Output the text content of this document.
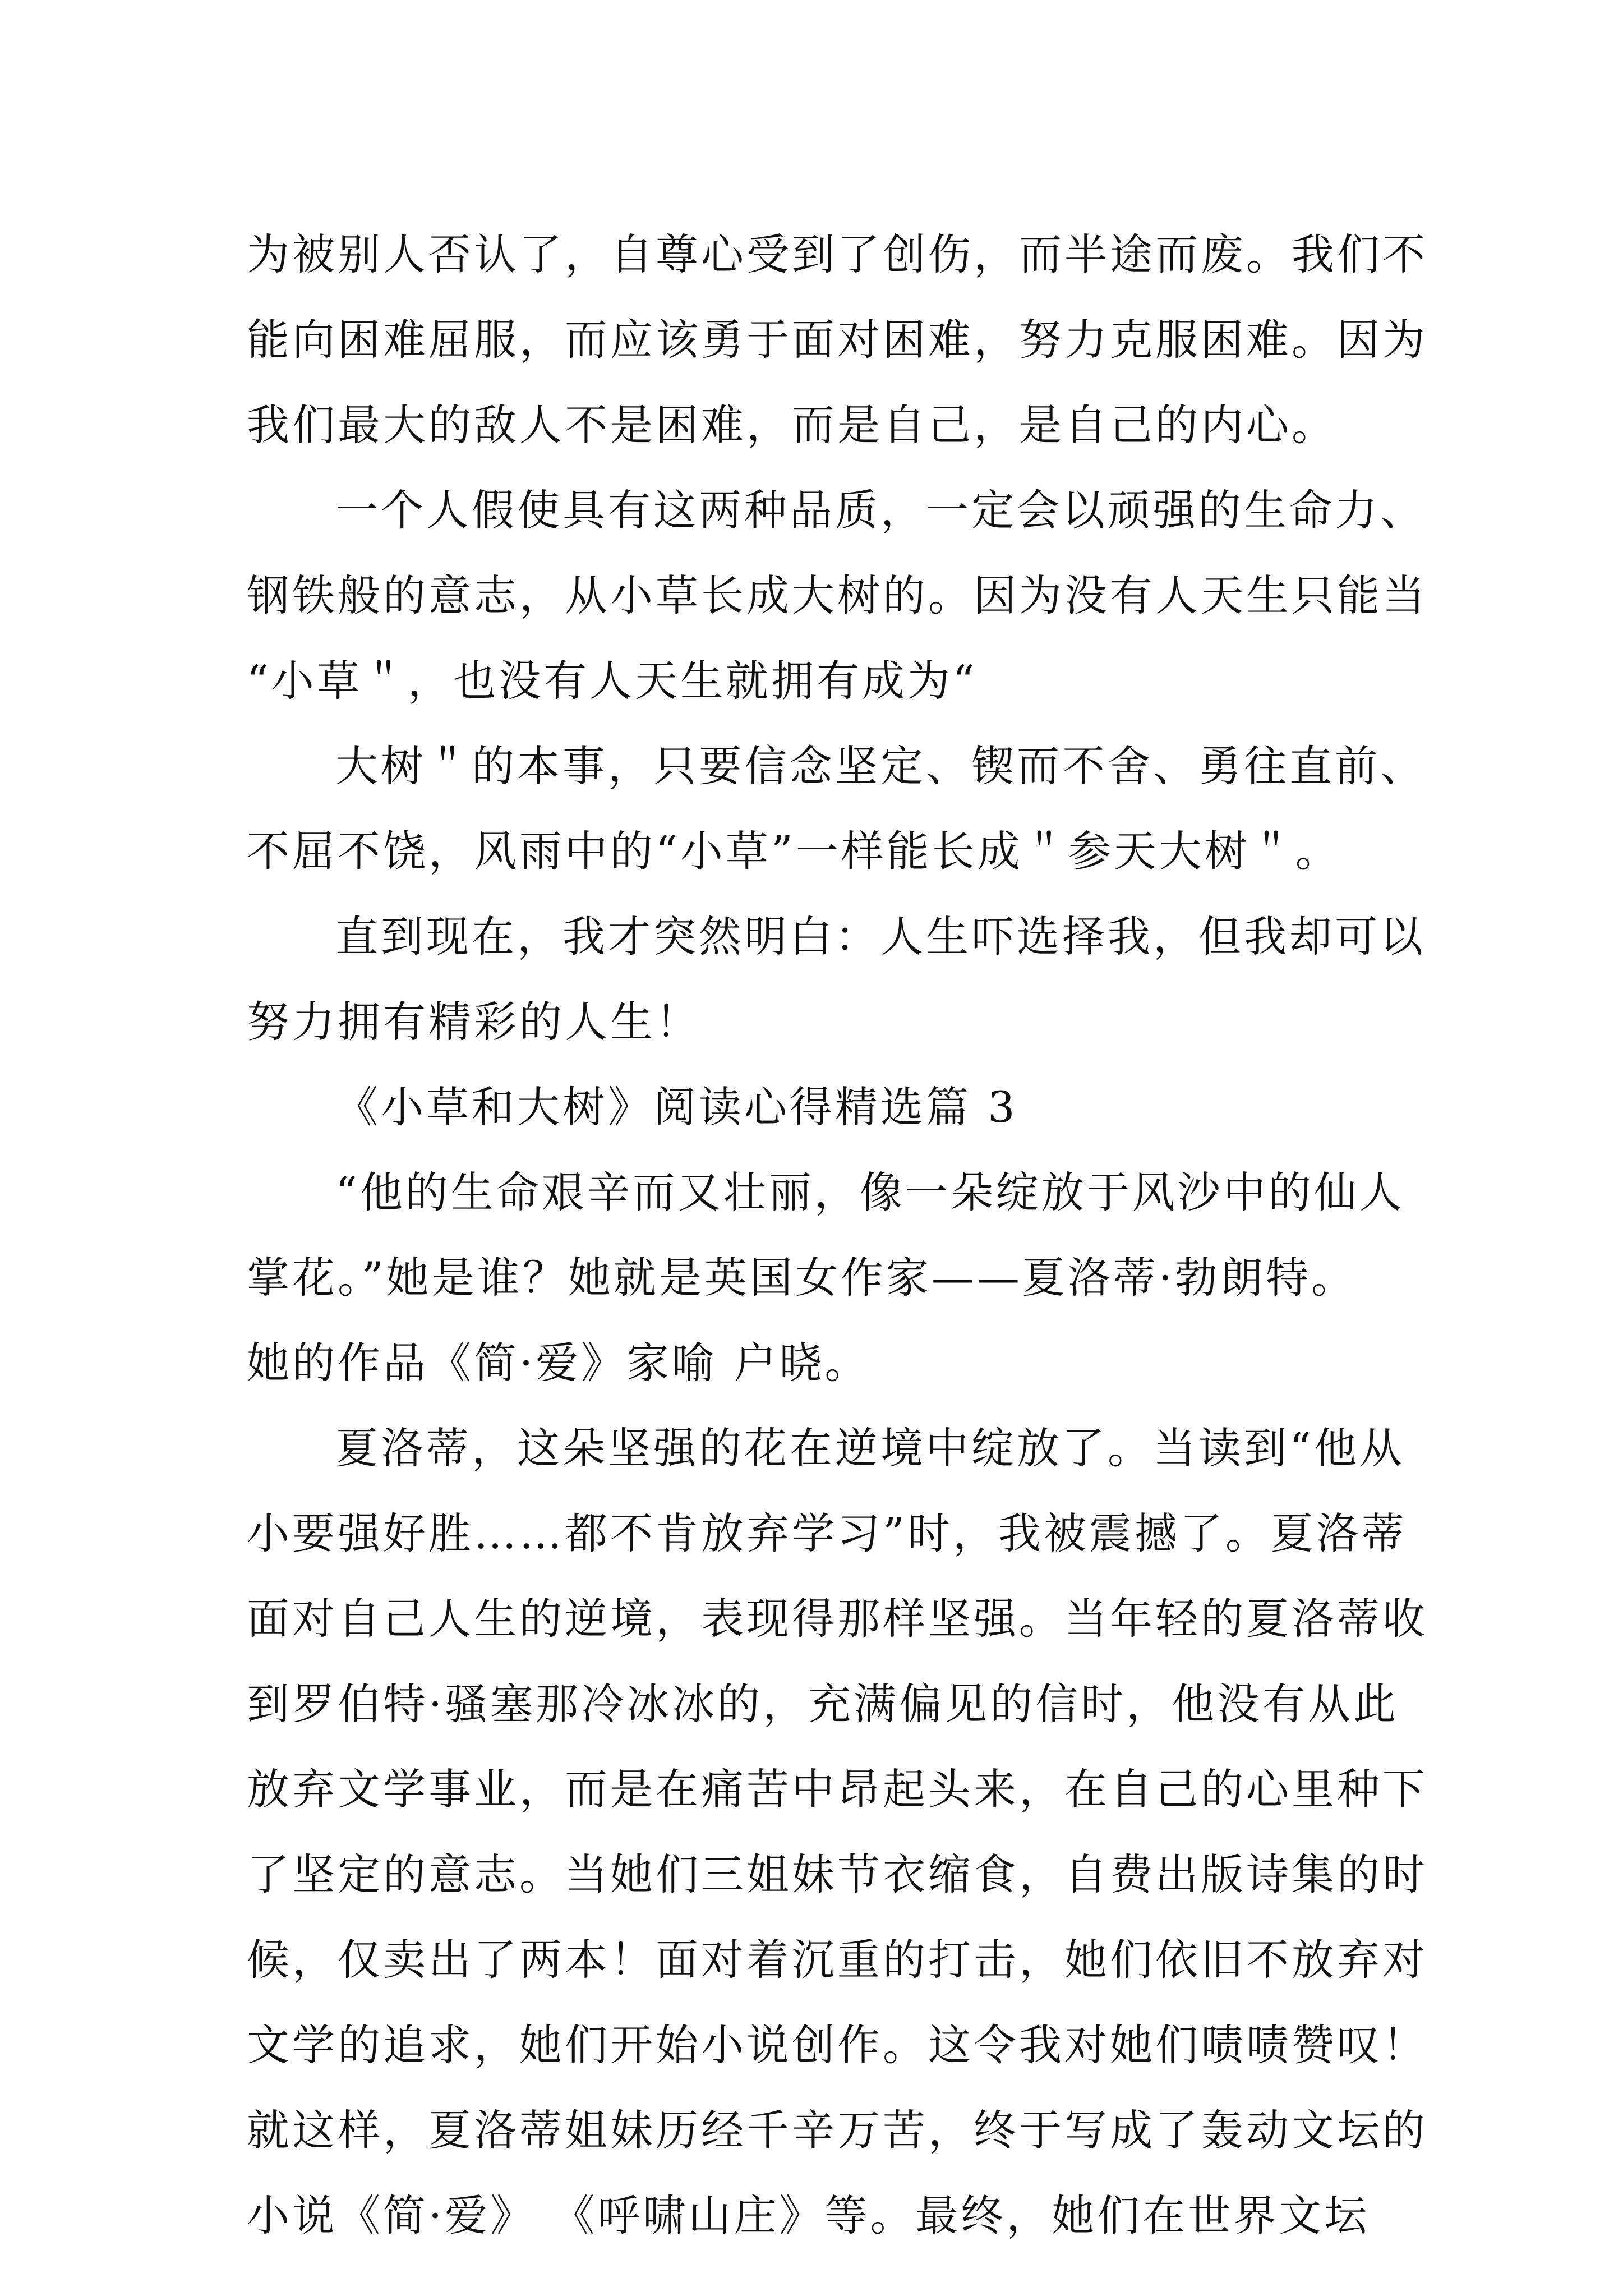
为被别人否认了，自尊心受到了创伤，而半途而废。我们不
能向困难屈服，而应该勇于面对困难，努力克服困难。因为
我们最大的敌人不是困难，而是自己，是自己的内心。
一个人假使具有这两种品质，一定会以顽强的生命力、
钢铁般的意志，从小草长成大树的。因为没有人天生只能当
“小草＂，也没有人天生就拥有成为“
大树＂的本事，只要信念坚定、锲而不舍、勇往直前、
不屈不饶，风雨中的“小草”一样能长成＂参天大树＂。
直到现在，我才突然明白：人生吓选择我，但我却可以
努力拥有精彩的人生！
《小草和大树》阅读心得精选篇 3
“他的生命艰辛而又壮丽，像一朵绽放于风沙中的仙人
掌花。”她是谁？她就是英国女作家——夏洛蒂·勃朗特。
她的作品《简·爱》家喻 户晓。
夏洛蒂，这朵坚强的花在逆境中绽放了。当读到“他从
小要强好胜……都不肯放弃学习”时，我被震撼了。夏洛蒂
面对自己人生的逆境，表现得那样坚强。当年轻的夏洛蒂收
到罗伯特·骚塞那冷冰冰的，充满偏见的信时，他没有从此
放弃文学事业，而是在痛苦中昂起头来，在自己的心里种下
了坚定的意志。当她们三姐妹节衣缩食，自费出版诗集的时
候，仅卖出了两本！面对着沉重的打击，她们依旧不放弃对
文学的追求，她们开始小说创作。这令我对她们啧啧赞叹！
就这样，夏洛蒂姐妹历经千辛万苦，终于写成了轰动文坛的
小说《简·爱》 《呼啸山庄》等。最终，她们在世界文坛
